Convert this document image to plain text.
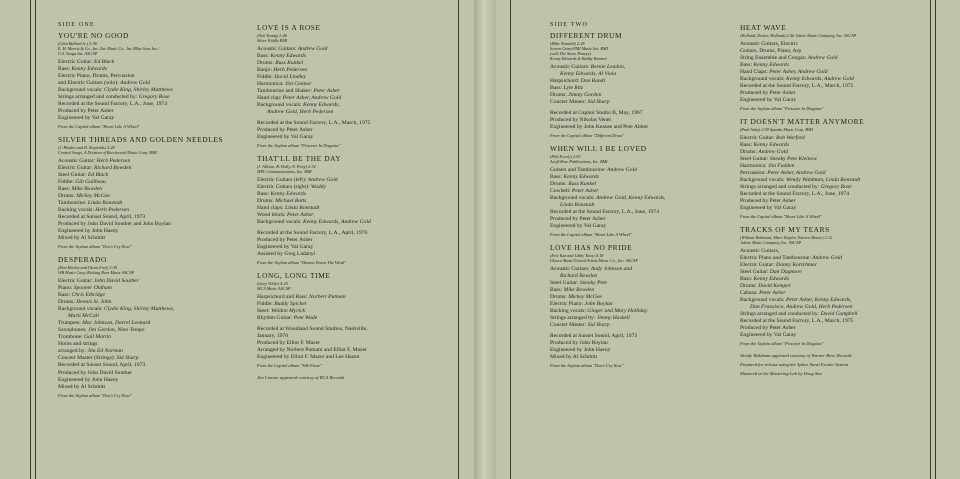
SIDE ONE
YOU'RE NO GOOD
(Clint Ballard Jr.) 3:38
E. H. Morris & Co., Inc./Jac Music Co., Inc./Blue Seas Inc./
U.S. Songs Inc. ASCAP
Electric Guitar: Ed Black
Bass: Kenny Edwards
Electric Piano, Drums, Percussion
and Electric Guitars (solo): Andrew Gold
Background vocals: Clydie King, Shirley Matthews
Strings arranged and conducted by: Gregory Rose
Recorded at the Sound Factory, L.A., June, 1974
Produced by Peter Asher
Engineered by Val Garay
From the Capitol album "Heart Like A Wheel"
SILVER THREADS AND GOLDEN NEEDLES
(J. Rhodes and D. Reynolds) 2:29
Central Songs, A Division of Beechwood Music Corp. BMI
Acoustic Guitar: Herb Pedersen
Electric Guitar: Richard Bowden
Steel Guitar: Ed Black
Fiddle: Gib Guilbeau
Bass: Mike Bowden
Drums: Mickey McGee
Tambourine: Linda Ronstadt
Backing vocals: Herb Pedersen
Recorded at Sunset Sound, April, 1973
Produced by John David Souther and John Boylan
Engineered by John Haeny
Mixed by Al Schmitt
From the Asylum album "Don't Cry Now"
DESPERADO
(Don Henley and Glenn Frey) 3:39
WB Music Corp./Kicking Bear Music ASCAP
Electric Guitar: John David Souther
Piano: Spooner Oldham
Bass: Chris Ethridge
Drums: Dennis St. John
Background vocals: Clydie King, Shirley Matthews,
Marti McCall
Trumpets: Mac Johnson, Darrel Leonard
Saxophones: Jim Gordon, Nino Tempo
Trombone: Gail Martin
Horns and strings
arranged by: Jim Ed Norman
Concert Master (Strings): Sid Sharp
Recorded at Sunset Sound, April, 1973
Produced by John David Souther
Engineered by John Haeny
Mixed by Al Schmitt
From the Asylum album "Don't Cry Now"
LOVE IS A ROSE
(Neil Young) 2:46
Silver Fiddle BMI
Acoustic Guitars: Andrew Gold
Bass: Kenny Edwards
Drums: Russ Kunkel
Banjo: Herb Pedersen
Fiddle: David Lindley
Harmonica: Jim Connor
Tambourine and Shaker: Peter Asher
Hand clap: Peter Asher, Andrew Gold
Background vocals: Kenny Edwards,
Andrew Gold, Herb Pedersen
Recorded at the Sound Factory, L.A., March, 1975
Produced by Peter Asher
Engineered by Val Garay
From the Asylum album "Prisoner In Disguise"
THAT'LL BE THE DAY
(J. Allison, B. Holly, N. Petty) 2:32
MPL Communications, Inc. BMI
Electric Guitars (left): Andrew Gold
Electric Guitars (right): Waddy
Bass: Kenny Edwards
Drums: Michael Botts
Hand claps: Linda Ronstadt
Wood block: Peter Asher
Background vocals: Kenny Edwards, Andrew Gold
Recorded at the Sound Factory, L.A., April, 1976
Produced by Peter Asher
Engineered by Val Garay
Assisted by Greg Ladanyi
From the Asylum album "Hasten Down The Wind"
LONG, LONG TIME
(Gary White) 4:25
MCA Music ASCAP
Harpsichord and Bass: Norbert Putnam
Fiddle: Buddy Spicher
Steel: Weldon Myrick
Rhythm Guitar: Pete Wade
Recorded at Woodland Sound Studios, Nashville,
January, 1970
Produced by Elliot F. Mazer
Arranged by Norbert Putnam and Elliot F. Mazer
Engineered by Elliot F. Mazer and Lee Hazen
From the Capitol album "Silk Purse"
Jim Connor appeared courtesy of RCA Records
SIDE TWO
DIFFERENT DRUM
(Mike Nesmith) 2:45
Screen Gems-EMI Music Inc. BMI
(with The Stone Poneys)
Kenny Edwards & Bobby Kimmel
Acoustic Guitars: Bernie Leadon,
Kenny Edwards, Al Viola
Harpsichord: Don Randi
Bass: Lyle Ritz
Drums: Jimmy Gordon
Concert Master: Sid Sharp
Recorded at Capitol Studio B, May, 1967
Produced by Nikolas Venet
Engineered by John Keause and Pete Abbot
From the Capitol album "Different Drum"
WHEN WILL I BE LOVED
(Phil Everly) 2:03
Acuff-Rose Publications, Inc. BMI
Guitars and Tambourine: Andrew Gold
Bass: Kenny Edwards
Drums: Russ Kunkel
Cowbell: Peter Asher
Background vocals: Andrew Gold, Kenny Edwards,
Linda Ronstadt
Recorded at the Sound Factory, L.A., June, 1974
Produced by Peter Asher
Engineered by Val Garay
From the Capitol album "Heart Like A Wheel"
LOVE HAS NO PRIDE
(Eric Kaz and Libby Titus) 4:18
Glasco Music/United Artists Music Co., Inc. ASCAP
Acoustic Guitars: Andy Johnson and
Richard Bowden
Steel Guitar: Sneaky Pete
Bass: Mike Bowden
Drums: Mickey McGee
Electric Piano: John Boylan
Backing vocals: Ginger and Mary Holliday
Strings arranged by: Jimmy Haskell
Concert Master: Sid Sharp
Recorded at Sunset Sound, April, 1973
Produced by John Boylan
Engineered by John Haeny
Mixed by Al Schmitt
From the Asylum album "Don't Cry Now"
HEAT WAVE
(Holland, Dozier, Holland) 2:46 Jobete Music Company, Inc. ASCAP
Acoustic Guitars, Electric
Guitars, Drums, Piano, Arp
String Ensemble and Congas: Andrew Gold
Bass: Kenny Edwards
Hand Claps: Peter Asher, Andrew Gold
Background vocals: Kenny Edwards, Andrew Gold
Recorded at the Sound Factory, L.A., March, 1975
Produced by Peter Asher
Engineered by Val Garay
From the Asylum album "Prisoner In Disguise"
IT DOESN'T MATTER ANYMORE
(Paul Anka) 2:59 Spanka Music Corp. BMI
Electric Guitar: Bob Warford
Bass: Kenny Edwards
Drums: Andrew Gold
Steel Guitar: Sneaky Pete Kleinow
Harmonica: Jim Fadden
Percussion: Peter Asher, Andrew Gold
Background vocals: Wendy Waldman, Linda Ronstadt
Strings arranged and conducted by: Gregory Rose
Recorded at the Sound Factory, L.A., June, 1974
Produced by Peter Asher
Engineered by Val Garay
From the Capitol album "Heart Like A Wheel"
TRACKS OF MY TEARS
(William Robinson, Marv Tarplin, Warren Moore) 3:12
Jobete Music Company, Inc. ASCAP
Acoustic Guitars,
Electric Piano and Tambourine: Andrew Gold
Electric Guitar: Danny Kortchmar
Steel Guitar: Dan Dugmore
Bass: Kenny Edwards
Drums: David Kemper
Cabasa: Peter Asher
Background vocals: Peter Asher, Kenny Edwards,
Dan Fransisco, Andrew Gold, Herb Pedersen
Strings arranged and conducted by: David Campbell
Recorded at the Sound Factory, L.A., March, 1975
Produced by Peter Asher
Engineered by Val Garay
From the Asylum album "Prisoner In Disguise"
Wendy Waldman appeared courtesy of Warner Bros. Records
Prepared for release using the Aphex Aural Exciter System
Mastered at the Mastering Lab by Doug Sax
